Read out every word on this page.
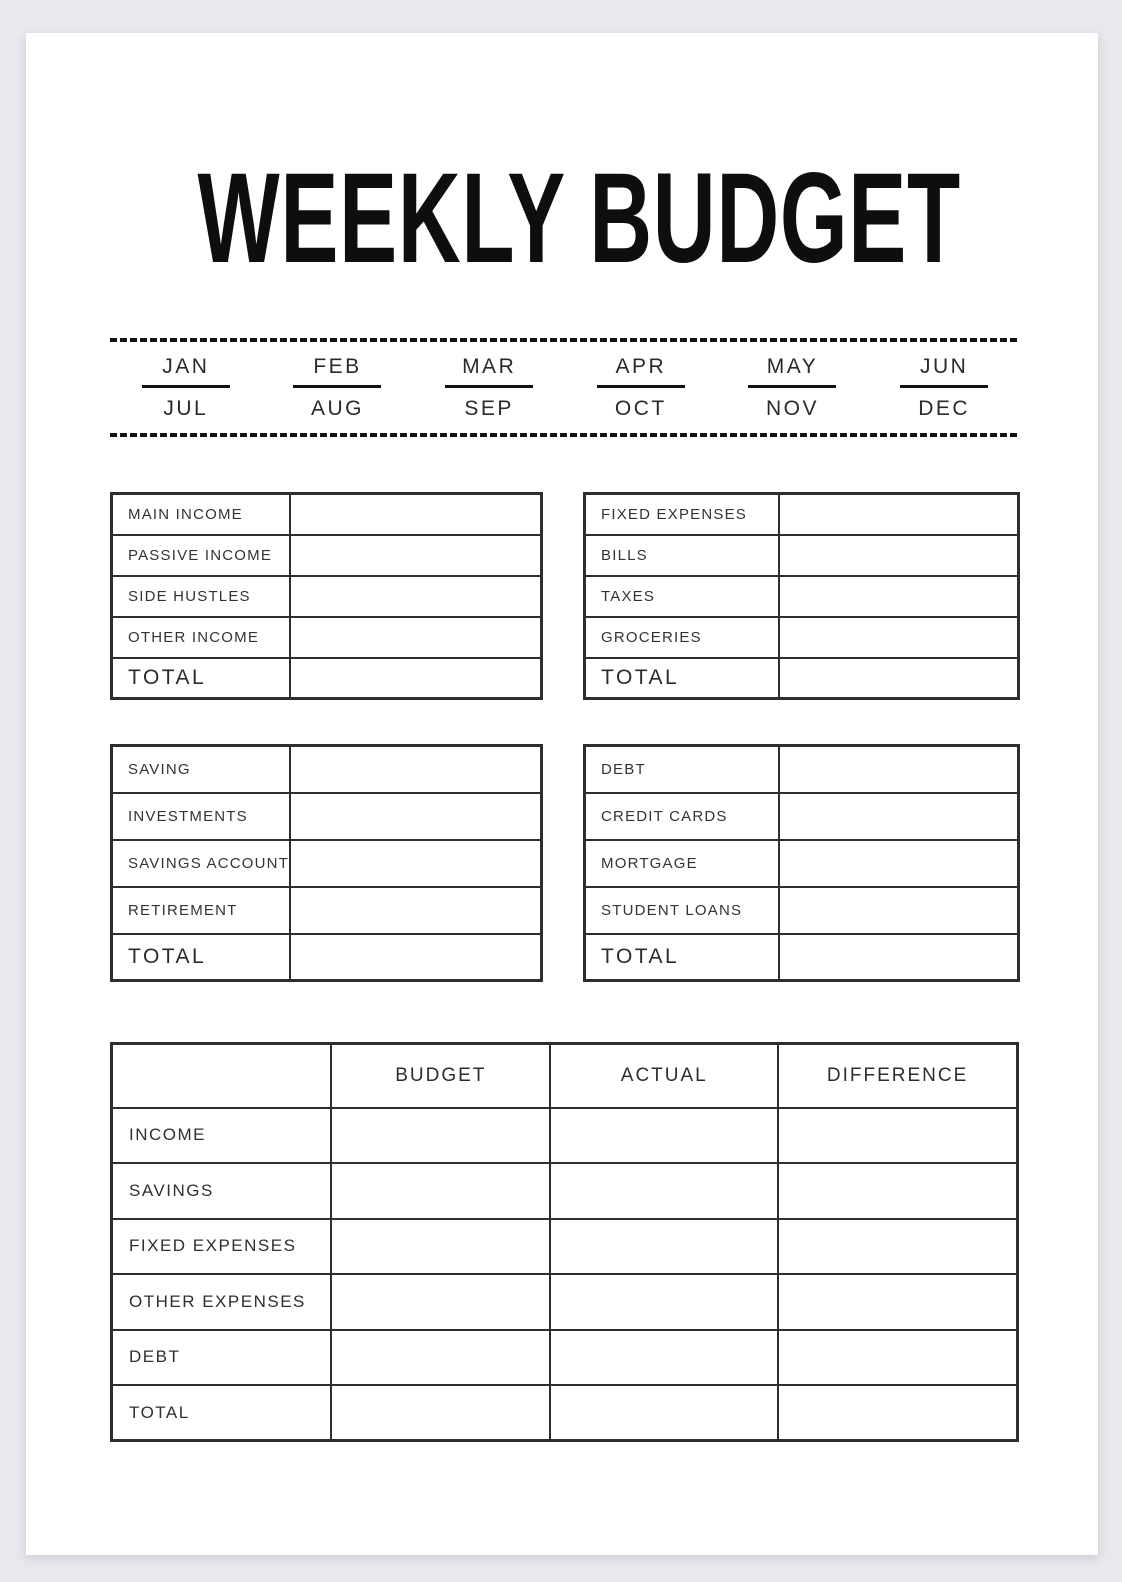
WEEKLY BUDGET
JAN	FEB	MAR	APR	MAY	JUN
JUL	AUG	SEP	OCT	NOV	DEC
MAIN INCOME	
PASSIVE INCOME	
SIDE HUSTLES	
OTHER INCOME	
TOTAL	
FIXED EXPENSES	
BILLS	
TAXES	
GROCERIES	
TOTAL	
SAVING	
INVESTMENTS	
SAVINGS ACCOUNT	
RETIREMENT	
TOTAL	
DEBT	
CREDIT CARDS	
MORTGAGE	
STUDENT LOANS	
TOTAL	
	BUDGET	ACTUAL	DIFFERENCE
INCOME			
SAVINGS			
FIXED EXPENSES			
OTHER EXPENSES			
DEBT			
TOTAL			
